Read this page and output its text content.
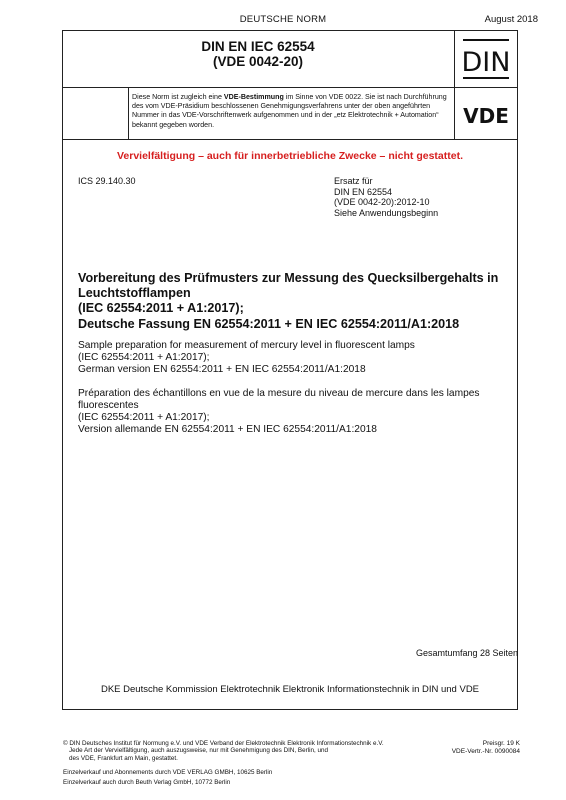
DEUTSCHE NORM	August 2018
DIN EN IEC 62554
(VDE 0042-20)	DIN
VDE
Diese Norm ist zugleich eine VDE-Bestimmung im Sinne von VDE 0022. Sie ist nach Durchführung des vom VDE-Präsidium beschlossenen Genehmigungsverfahrens unter der oben angeführten Nummer in das VDE-Vorschriftenwerk aufgenommen und in der „etz Elektrotechnik + Automation“ bekannt gegeben worden.
Vervielfältigung – auch für innerbetriebliche Zwecke – nicht gestattet.
ICS 29.140.30	Ersatz für
DIN EN 62554
(VDE 0042-20):2012-10
Siehe Anwendungsbeginn
Vorbereitung des Prüfmusters zur Messung des Quecksilbergehalts in
Leuchtstofflampen
(IEC 62554:2011 + A1:2017);
Deutsche Fassung EN 62554:2011 + EN IEC 62554:2011/A1:2018
Sample preparation for measurement of mercury level in fluorescent lamps
(IEC 62554:2011 + A1:2017);
German version EN 62554:2011 + EN IEC 62554:2011/A1:2018
Préparation des échantillons en vue de la mesure du niveau de mercure dans les lampes
fluorescentes
(IEC 62554:2011 + A1:2017);
Version allemande EN 62554:2011 + EN IEC 62554:2011/A1:2018
Gesamtumfang 28 Seiten
DKE Deutsche Kommission Elektrotechnik Elektronik Informationstechnik in DIN und VDE
© DIN Deutsches Institut für Normung e.V. und VDE Verband der Elektrotechnik Elektronik Informationstechnik e.V.
Jede Art der Vervielfältigung, auch auszugsweise, nur mit Genehmigung des DIN, Berlin, und
des VDE, Frankfurt am Main, gestattet.
Preisgr. 19 K
VDE-Vertr.-Nr. 0090084
Einzelverkauf und Abonnements durch VDE VERLAG GMBH, 10625 Berlin
Einzelverkauf auch durch Beuth Verlag GmbH, 10772 Berlin
